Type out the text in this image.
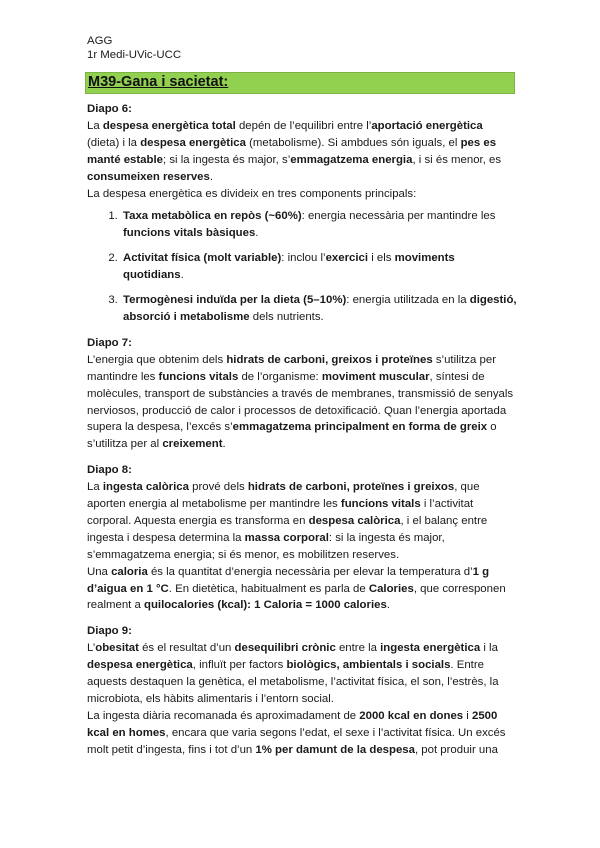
AGG
1r Medi-UVic-UCC
M39-Gana i sacietat:

Diapo 6:

La despesa energètica total depén de l’equilibri entre l’aportació energètica (dieta) i la despesa energètica (metabolisme). Si ambdues són iguals, el pes es manté estable; si la ingesta és major, s’emmagatzema energia, i si és menor, es consumeixen reserves.

La despesa energètica es divideix en tres components principals:

1. Taxa metabòlica en repòs (~60%): energia necessària per mantindre les funcions vitals bàsiques.
2. Activitat física (molt variable): inclou l’exercici i els moviments quotidians.
3. Termogènesi induïda per la dieta (5–10%): energia utilitzada en la digestió, absorció i metabolisme dels nutrients.

Diapo 7:

L’energia que obtenim dels hidrats de carboni, greixos i proteïnes s’utilitza per mantindre les funcions vitals de l’organisme: moviment muscular, síntesi de molècules, transport de substàncies a través de membranes, transmissió de senyals nerviosos, producció de calor i processos de detoxificació. Quan l’energia aportada supera la despesa, l’excés s’emmagatzema principalment en forma de greix o s’utilitza per al creixement.

Diapo 8:

La ingesta calòrica prové dels hidrats de carboni, proteïnes i greixos, que aporten energia al metabolisme per mantindre les funcions vitals i l’activitat corporal. Aquesta energia es transforma en despesa calòrica, i el balanç entre ingesta i despesa determina la massa corporal: si la ingesta és major, s’emmagatzema energia; si és menor, es mobilitzen reserves.

Una caloria és la quantitat d’energia necessària per elevar la temperatura d’1 g d’aigua en 1 °C. En dietètica, habitualment es parla de Calories, que corresponen realment a quilocalories (kcal): 1 Caloria = 1000 calories.

Diapo 9:

L’obesitat és el resultat d’un desequilibri crònic entre la ingesta energètica i la despesa energètica, influït per factors biològics, ambientals i socials. Entre aquests destaquen la genètica, el metabolisme, l’activitat física, el son, l’estrès, la microbiota, els hàbits alimentaris i l’entorn social.

La ingesta diària recomanada és aproximadament de 2000 kcal en dones i 2500 kcal en homes, encara que varia segons l’edat, el sexe i l’activitat física. Un excés molt petit d’ingesta, fins i tot d’un 1% per damunt de la despesa, pot produir una
